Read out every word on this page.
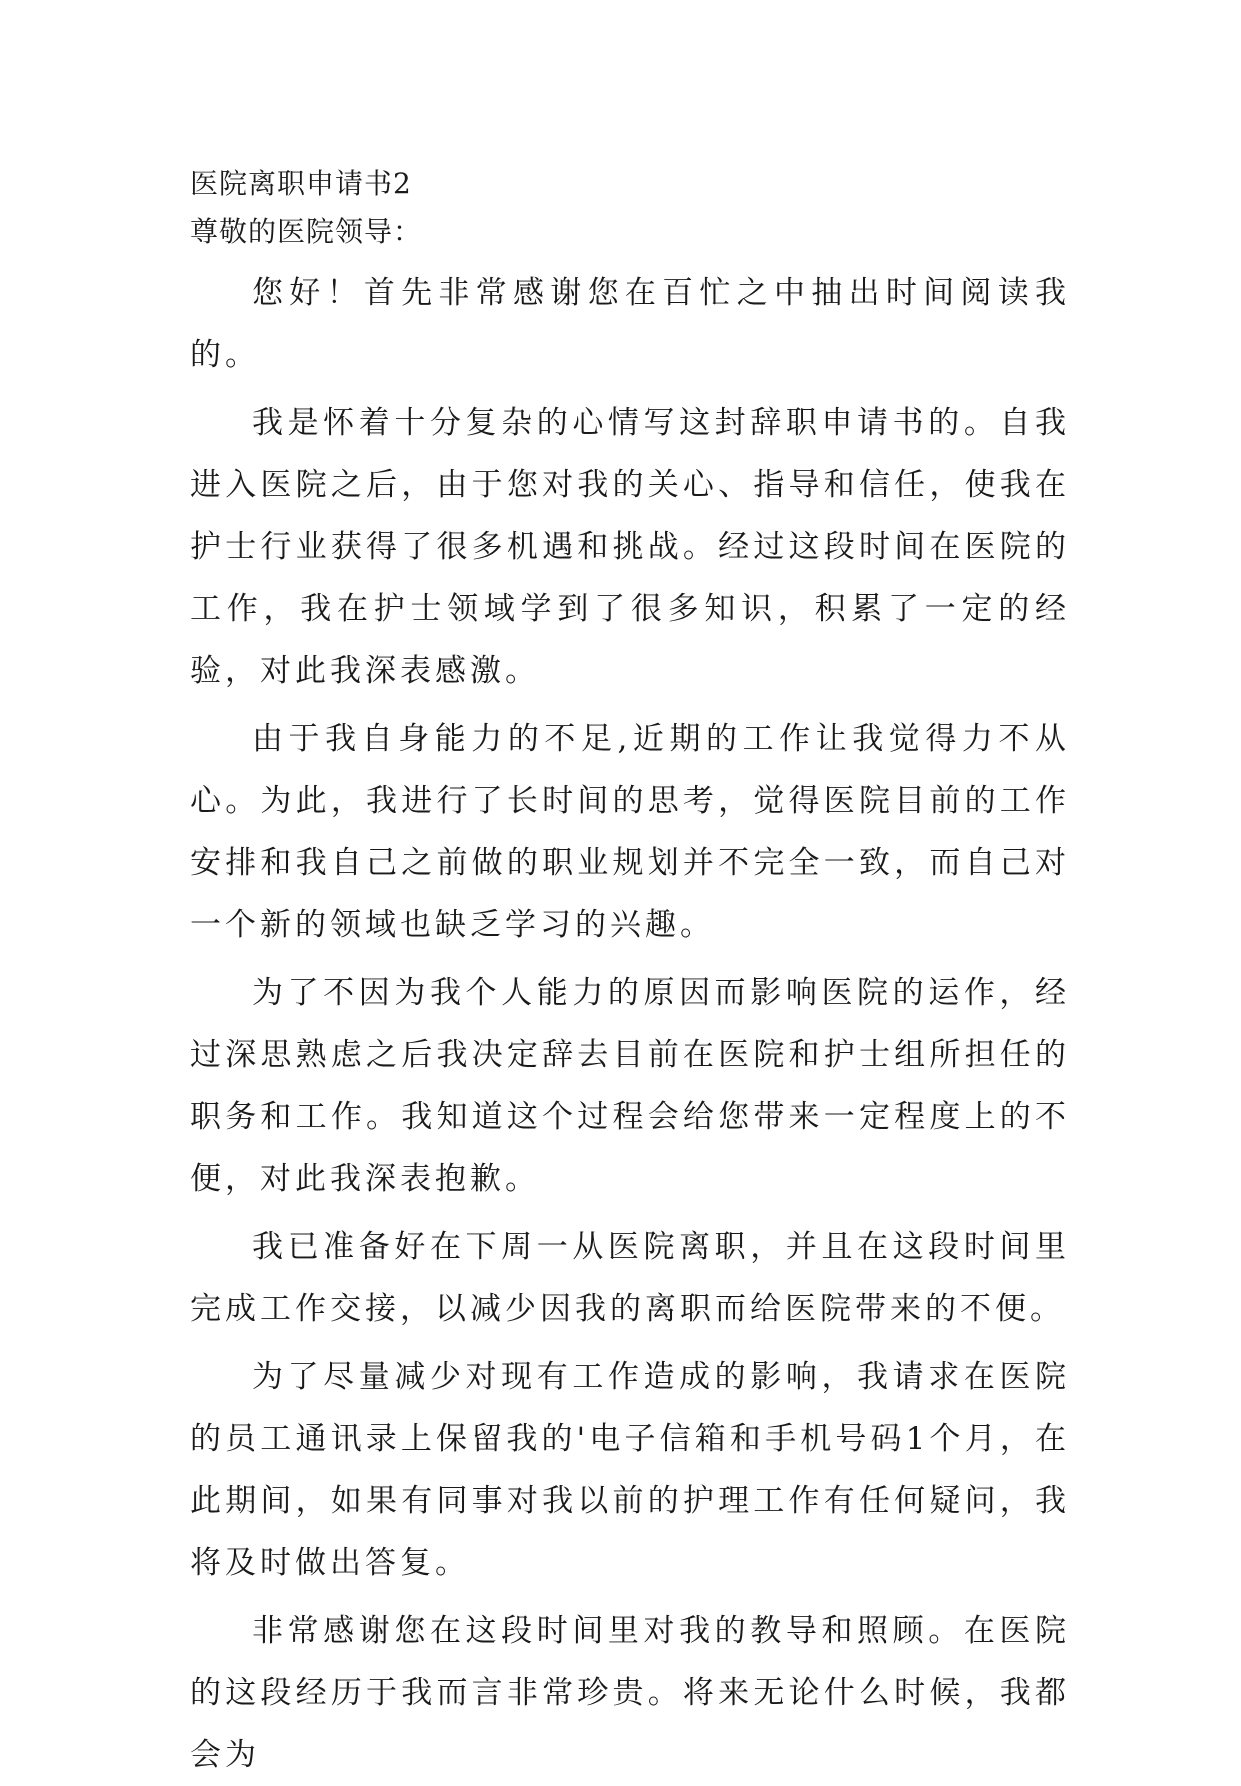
医院离职申请书2
尊敬的医院领导：

您好！首先非常感谢您在百忙之中抽出时间阅读我的。

我是怀着十分复杂的心情写这封辞职申请书的。自我进入医院之后，由于您对我的关心、指导和信任，使我在护士行业获得了很多机遇和挑战。经过这段时间在医院的工作，我在护士领域学到了很多知识，积累了一定的经验，对此我深表感激。

由于我自身能力的不足,近期的工作让我觉得力不从心。为此，我进行了长时间的思考，觉得医院目前的工作安排和我自己之前做的职业规划并不完全一致，而自己对一个新的领域也缺乏学习的兴趣。

为了不因为我个人能力的原因而影响医院的运作，经过深思熟虑之后我决定辞去目前在医院和护士组所担任的职务和工作。我知道这个过程会给您带来一定程度上的不便，对此我深表抱歉。

我已准备好在下周一从医院离职，并且在这段时间里完成工作交接，以减少因我的离职而给医院带来的不便。

为了尽量减少对现有工作造成的影响，我请求在医院的员工通讯录上保留我的'电子信箱和手机号码1个月，在此期间，如果有同事对我以前的护理工作有任何疑问，我将及时做出答复。

非常感谢您在这段时间里对我的教导和照顾。在医院的这段经历于我而言非常珍贵。将来无论什么时候，我都会为
